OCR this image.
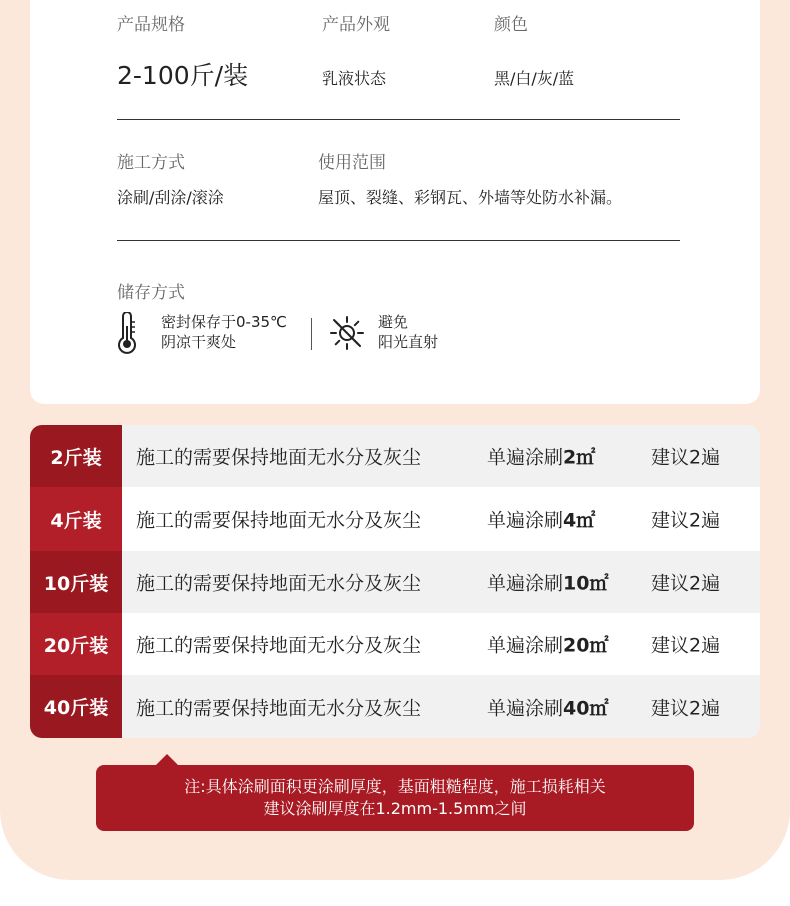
产品规格
2-100斤/装
产品外观
乳液状态
颜色
黑/白/灰/蓝
施工方式
涂刷/刮涂/滚涂
使用范围
屋顶、裂缝、彩钢瓦、外墙等处防水补漏。
储存方式
密封保存于0-35℃
阴凉干爽处
避免
阳光直射
2斤装	施工的需要保持地面无水分及灰尘	单遍涂刷2㎡	建议2遍
4斤装	施工的需要保持地面无水分及灰尘	单遍涂刷4㎡	建议2遍
10斤装	施工的需要保持地面无水分及灰尘	单遍涂刷10㎡ 建议2遍
20斤装	施工的需要保持地面无水分及灰尘	单遍涂刷20㎡ 建议2遍
40斤装	施工的需要保持地面无水分及灰尘	单遍涂刷40㎡ 建议2遍
注:具体涂刷面积更涂刷厚度，基面粗糙程度，施工损耗相关
建议涂刷厚度在1.2mm-1.5mm之间
